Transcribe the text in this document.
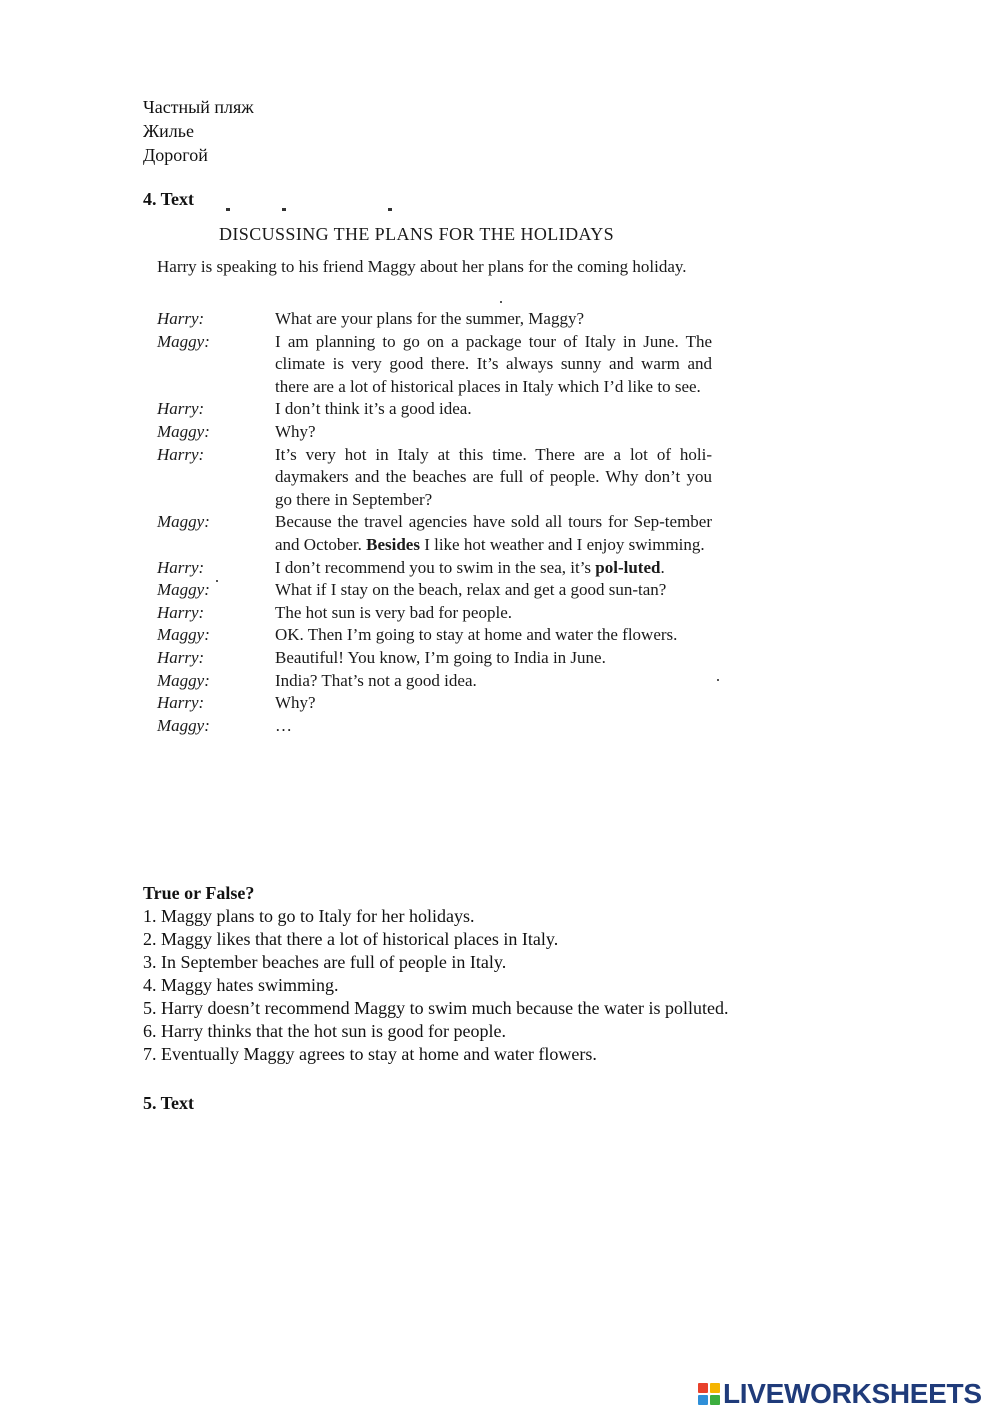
Частный пляж
Жилье
Дорогой
4. Text
DISCUSSING THE PLANS FOR THE HOLIDAYS
Harry is speaking to his friend Maggy about her plans for the coming holiday.
Harry:	What are your plans for the summer, Maggy?
Maggy:	I am planning to go on a package tour of Italy in June. The climate is very good there. It’s always sunny and warm and there are a lot of historical places in Italy which I’d like to see.
Harry:	I don’t think it’s a good idea.
Maggy:	Why?
Harry:	It’s very hot in Italy at this time. There are a lot of holi-daymakers and the beaches are full of people. Why don’t you go there in September?
Maggy:	Because the travel agencies have sold all tours for Sep-tember and October. Besides I like hot weather and I enjoy swimming.
Harry:	I don’t recommend you to swim in the sea, it’s pol-luted.
Maggy:	What if I stay on the beach, relax and get a good sun-tan?
Harry:	The hot sun is very bad for people.
Maggy:	OK. Then I’m going to stay at home and water the flowers.
Harry:	Beautiful! You know, I’m going to India in June.
Maggy:	India? That’s not a good idea.
Harry:	Why?
Maggy:	…
True or False?
1. Maggy plans to go to Italy for her holidays.
2. Maggy likes that there a lot of historical places in Italy.
3. In September beaches are full of people in Italy.
4. Maggy hates swimming.
5. Harry doesn’t recommend Maggy to swim much because the water is polluted.
6. Harry thinks that the hot sun is good for people.
7. Eventually Maggy agrees to stay at home and water flowers.
5. Text
LIVEWORKSHEETS
